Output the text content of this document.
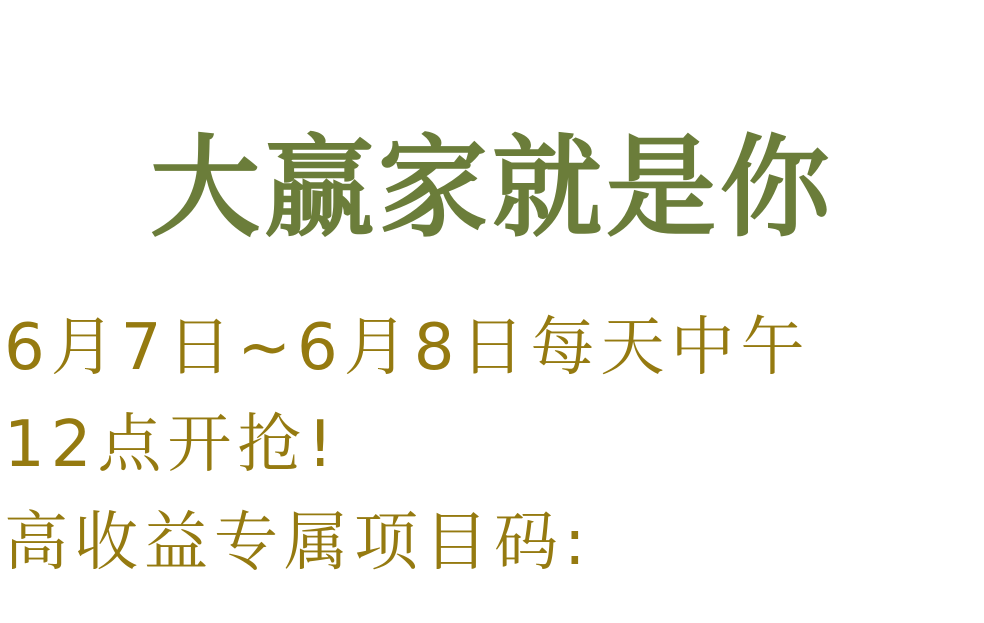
大赢家就是你
6月7日~6月8日每天中午
12点开抢!
高收益专属项目码:
